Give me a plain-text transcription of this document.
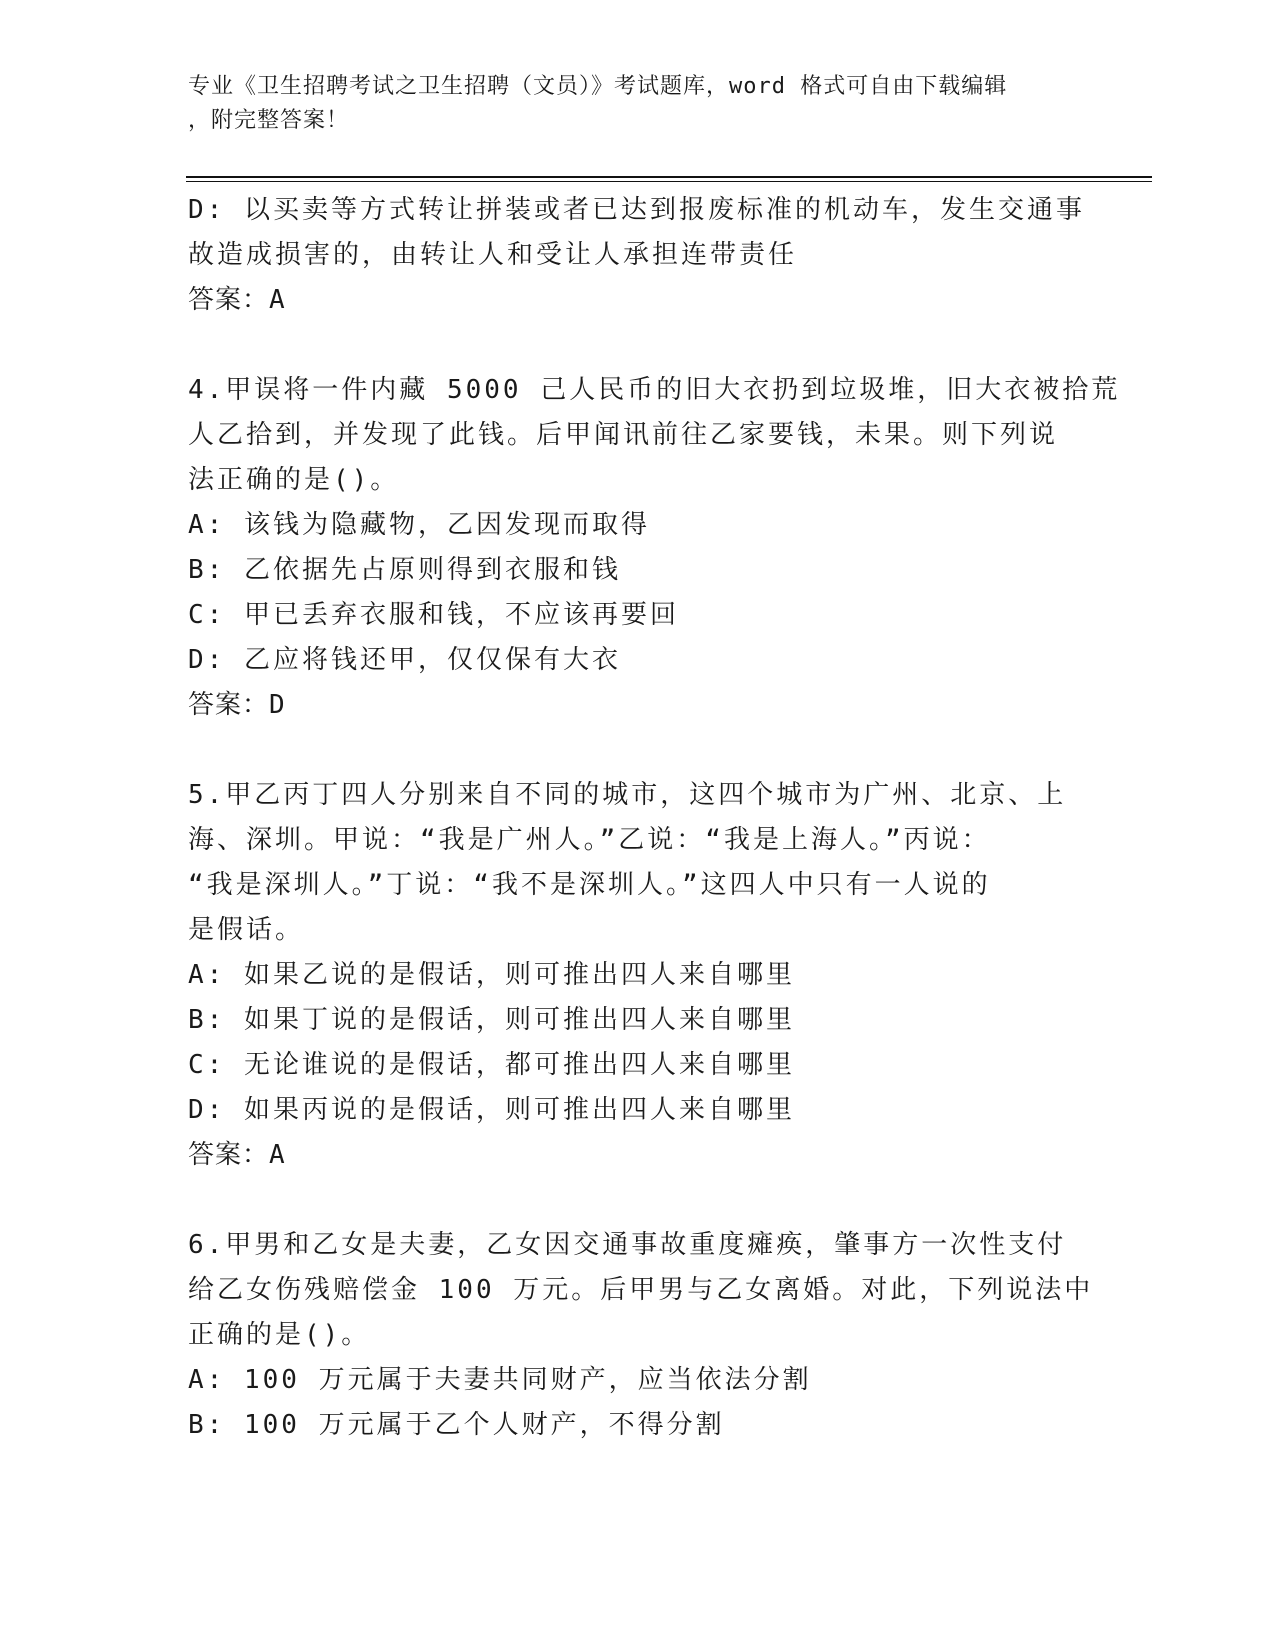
专业《卫生招聘考试之卫生招聘（文员）》考试题库，word 格式可自由下载编辑
，附完整答案！
D: 以买卖等方式转让拼装或者已达到报废标准的机动车，发生交通事
故造成损害的，由转让人和受让人承担连带责任
答案：A
4.甲误将一件内藏 5000 己人民币的旧大衣扔到垃圾堆，旧大衣被拾荒
人乙拾到，并发现了此钱。后甲闻讯前往乙家要钱，未果。则下列说
法正确的是()。
A: 该钱为隐藏物，乙因发现而取得
B: 乙依据先占原则得到衣服和钱
C: 甲已丢弃衣服和钱，不应该再要回
D: 乙应将钱还甲，仅仅保有大衣
答案：D
5.甲乙丙丁四人分别来自不同的城市，这四个城市为广州、北京、上
海、深圳。甲说：“我是广州人。”乙说：“我是上海人。”丙说：
“我是深圳人。”丁说：“我不是深圳人。”这四人中只有一人说的
是假话。
A: 如果乙说的是假话，则可推出四人来自哪里
B: 如果丁说的是假话，则可推出四人来自哪里
C: 无论谁说的是假话，都可推出四人来自哪里
D: 如果丙说的是假话，则可推出四人来自哪里
答案：A
6.甲男和乙女是夫妻，乙女因交通事故重度瘫痪，肇事方一次性支付
给乙女伤残赔偿金 100 万元。后甲男与乙女离婚。对此，下列说法中
正确的是()。
A: 100 万元属于夫妻共同财产，应当依法分割
B: 100 万元属于乙个人财产，不得分割
